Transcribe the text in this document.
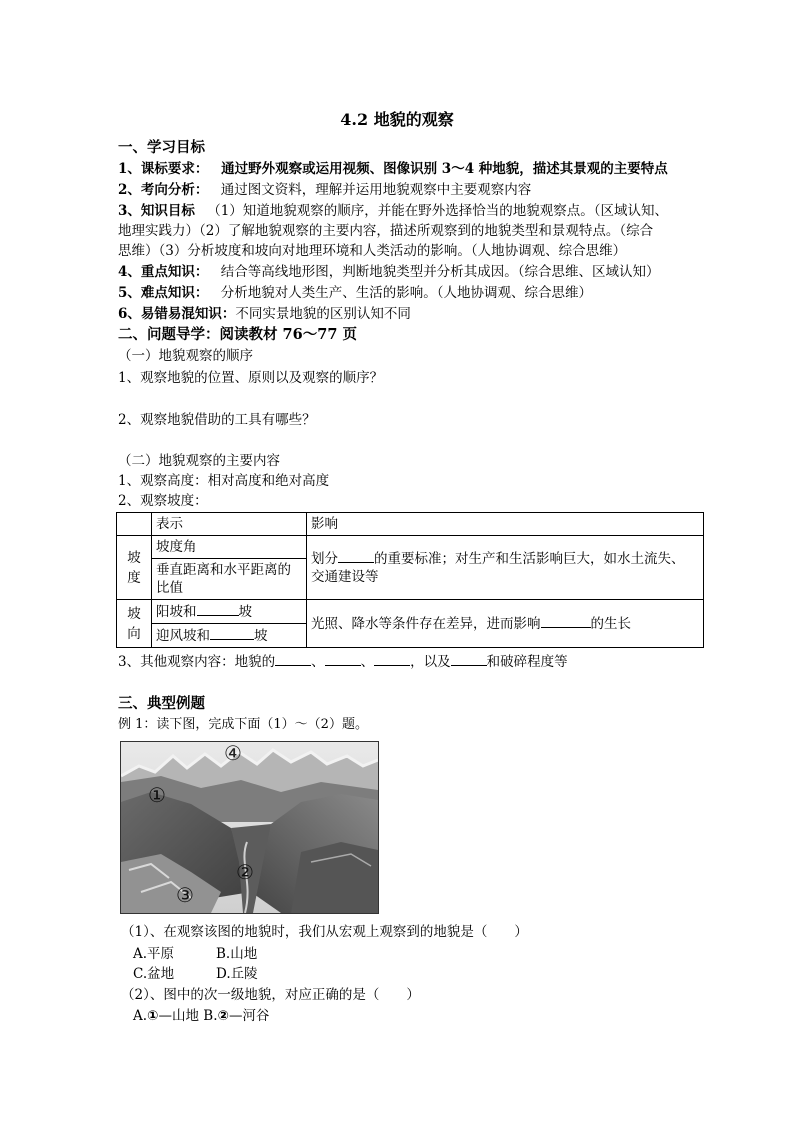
4.2 地貌的观察
一、学习目标
1、课标要求： 通过野外观察或运用视频、图像识别 3～4 种地貌，描述其景观的主要特点
2、考向分析： 通过图文资料，理解并运用地貌观察中主要观察内容
3、知识目标 （1）知道地貌观察的顺序，并能在野外选择恰当的地貌观察点。（区域认知、
地理实践力）（2）了解地貌观察的主要内容，描述所观察到的地貌类型和景观特点。（综合
思维）（3）分析坡度和坡向对地理环境和人类活动的影响。（人地协调观、综合思维）
4、重点知识： 结合等高线地形图，判断地貌类型并分析其成因。（综合思维、区域认知）
5、难点知识： 分析地貌对人类生产、生活的影响。（人地协调观、综合思维）
6、易错易混知识：不同实景地貌的区别认知不同
二、问题导学：阅读教材 76～77 页
（一）地貌观察的顺序
1、观察地貌的位置、原则以及观察的顺序？
2、观察地貌借助的工具有哪些？
（二）地貌观察的主要内容
1、观察高度：相对高度和绝对高度
2、观察坡度：
	表示	影响
坡
度	坡度角	划分 的重要标准；对生产和生活影响巨大，如水土流失、
交通建设等
	垂直距离和水平距离的
比值	
坡
向	阳坡和 坡	光照、降水等条件存在差异，进而影响 的生长
	迎风坡和 坡	
3、其他观察内容：地貌的	、	、	，以及	和破碎程度等
三、典型例题
例 1：读下图，完成下面（1）～（2）题。
④
①
②
③
（1）、在观察该图的地貌时，我们从宏观上观察到的地貌是（　　）
A.平原	B.山地
C.盆地	D.丘陵
（2）、图中的次一级地貌，对应正确的是（　　）
A.①—山地 B.②—河谷
